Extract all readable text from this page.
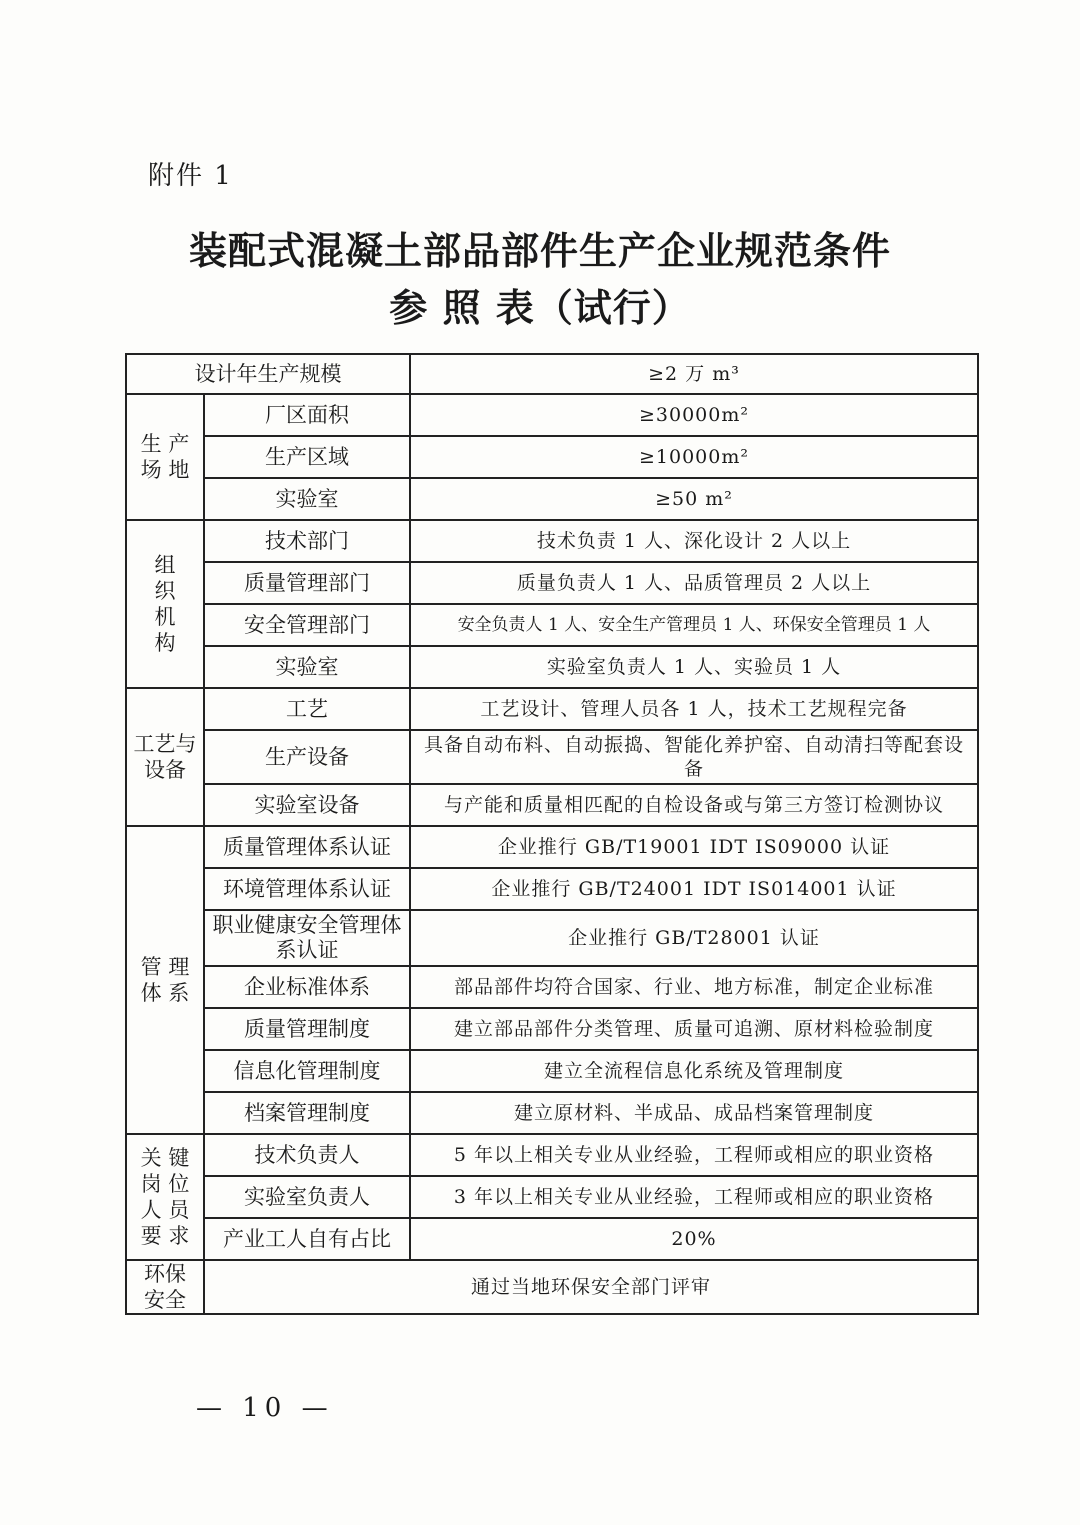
附件 1
装配式混凝土部品部件生产企业规范条件
参 照 表（试行）
设计年生产规模		≥2 万 m³

生 产
场 地	厂区面积	≥30000m²
	生产区域	≥10000m²
	实验室	≥50 m²

组
织
机
构	技术部门	技术负责 1 人、深化设计 2 人以上
	质量管理部门	质量负责人 1 人、品质管理员 2 人以上
	安全管理部门	安全负责人 1 人、安全生产管理员 1 人、环保安全管理员 1 人
	实验室	实验室负责人 1 人、实验员 1 人

工艺与
设备	工艺	工艺设计、管理人员各 1 人，技术工艺规程完备
	生产设备	具备自动布料、自动振捣、智能化养护窑、自动清扫等配套设备
	实验室设备	与产能和质量相匹配的自检设备或与第三方签订检测协议

管 理
体 系	质量管理体系认证	企业推行 GB/T19001 IDT IS09000 认证
	环境管理体系认证	企业推行 GB/T24001 IDT IS014001 认证
	职业健康安全管理体系认证	企业推行 GB/T28001 认证
	企业标准体系	部品部件均符合国家、行业、地方标准，制定企业标准
	质量管理制度	建立部品部件分类管理、质量可追溯、原材料检验制度
	信息化管理制度	建立全流程信息化系统及管理制度
	档案管理制度	建立原材料、半成品、成品档案管理制度

关 键
岗 位
人 员
要 求	技术负责人	5 年以上相关专业从业经验，工程师或相应的职业资格
	实验室负责人	3 年以上相关专业从业经验，工程师或相应的职业资格
	产业工人自有占比	20%

环保
安全	通过当地环保安全部门评审	
— 10 —
